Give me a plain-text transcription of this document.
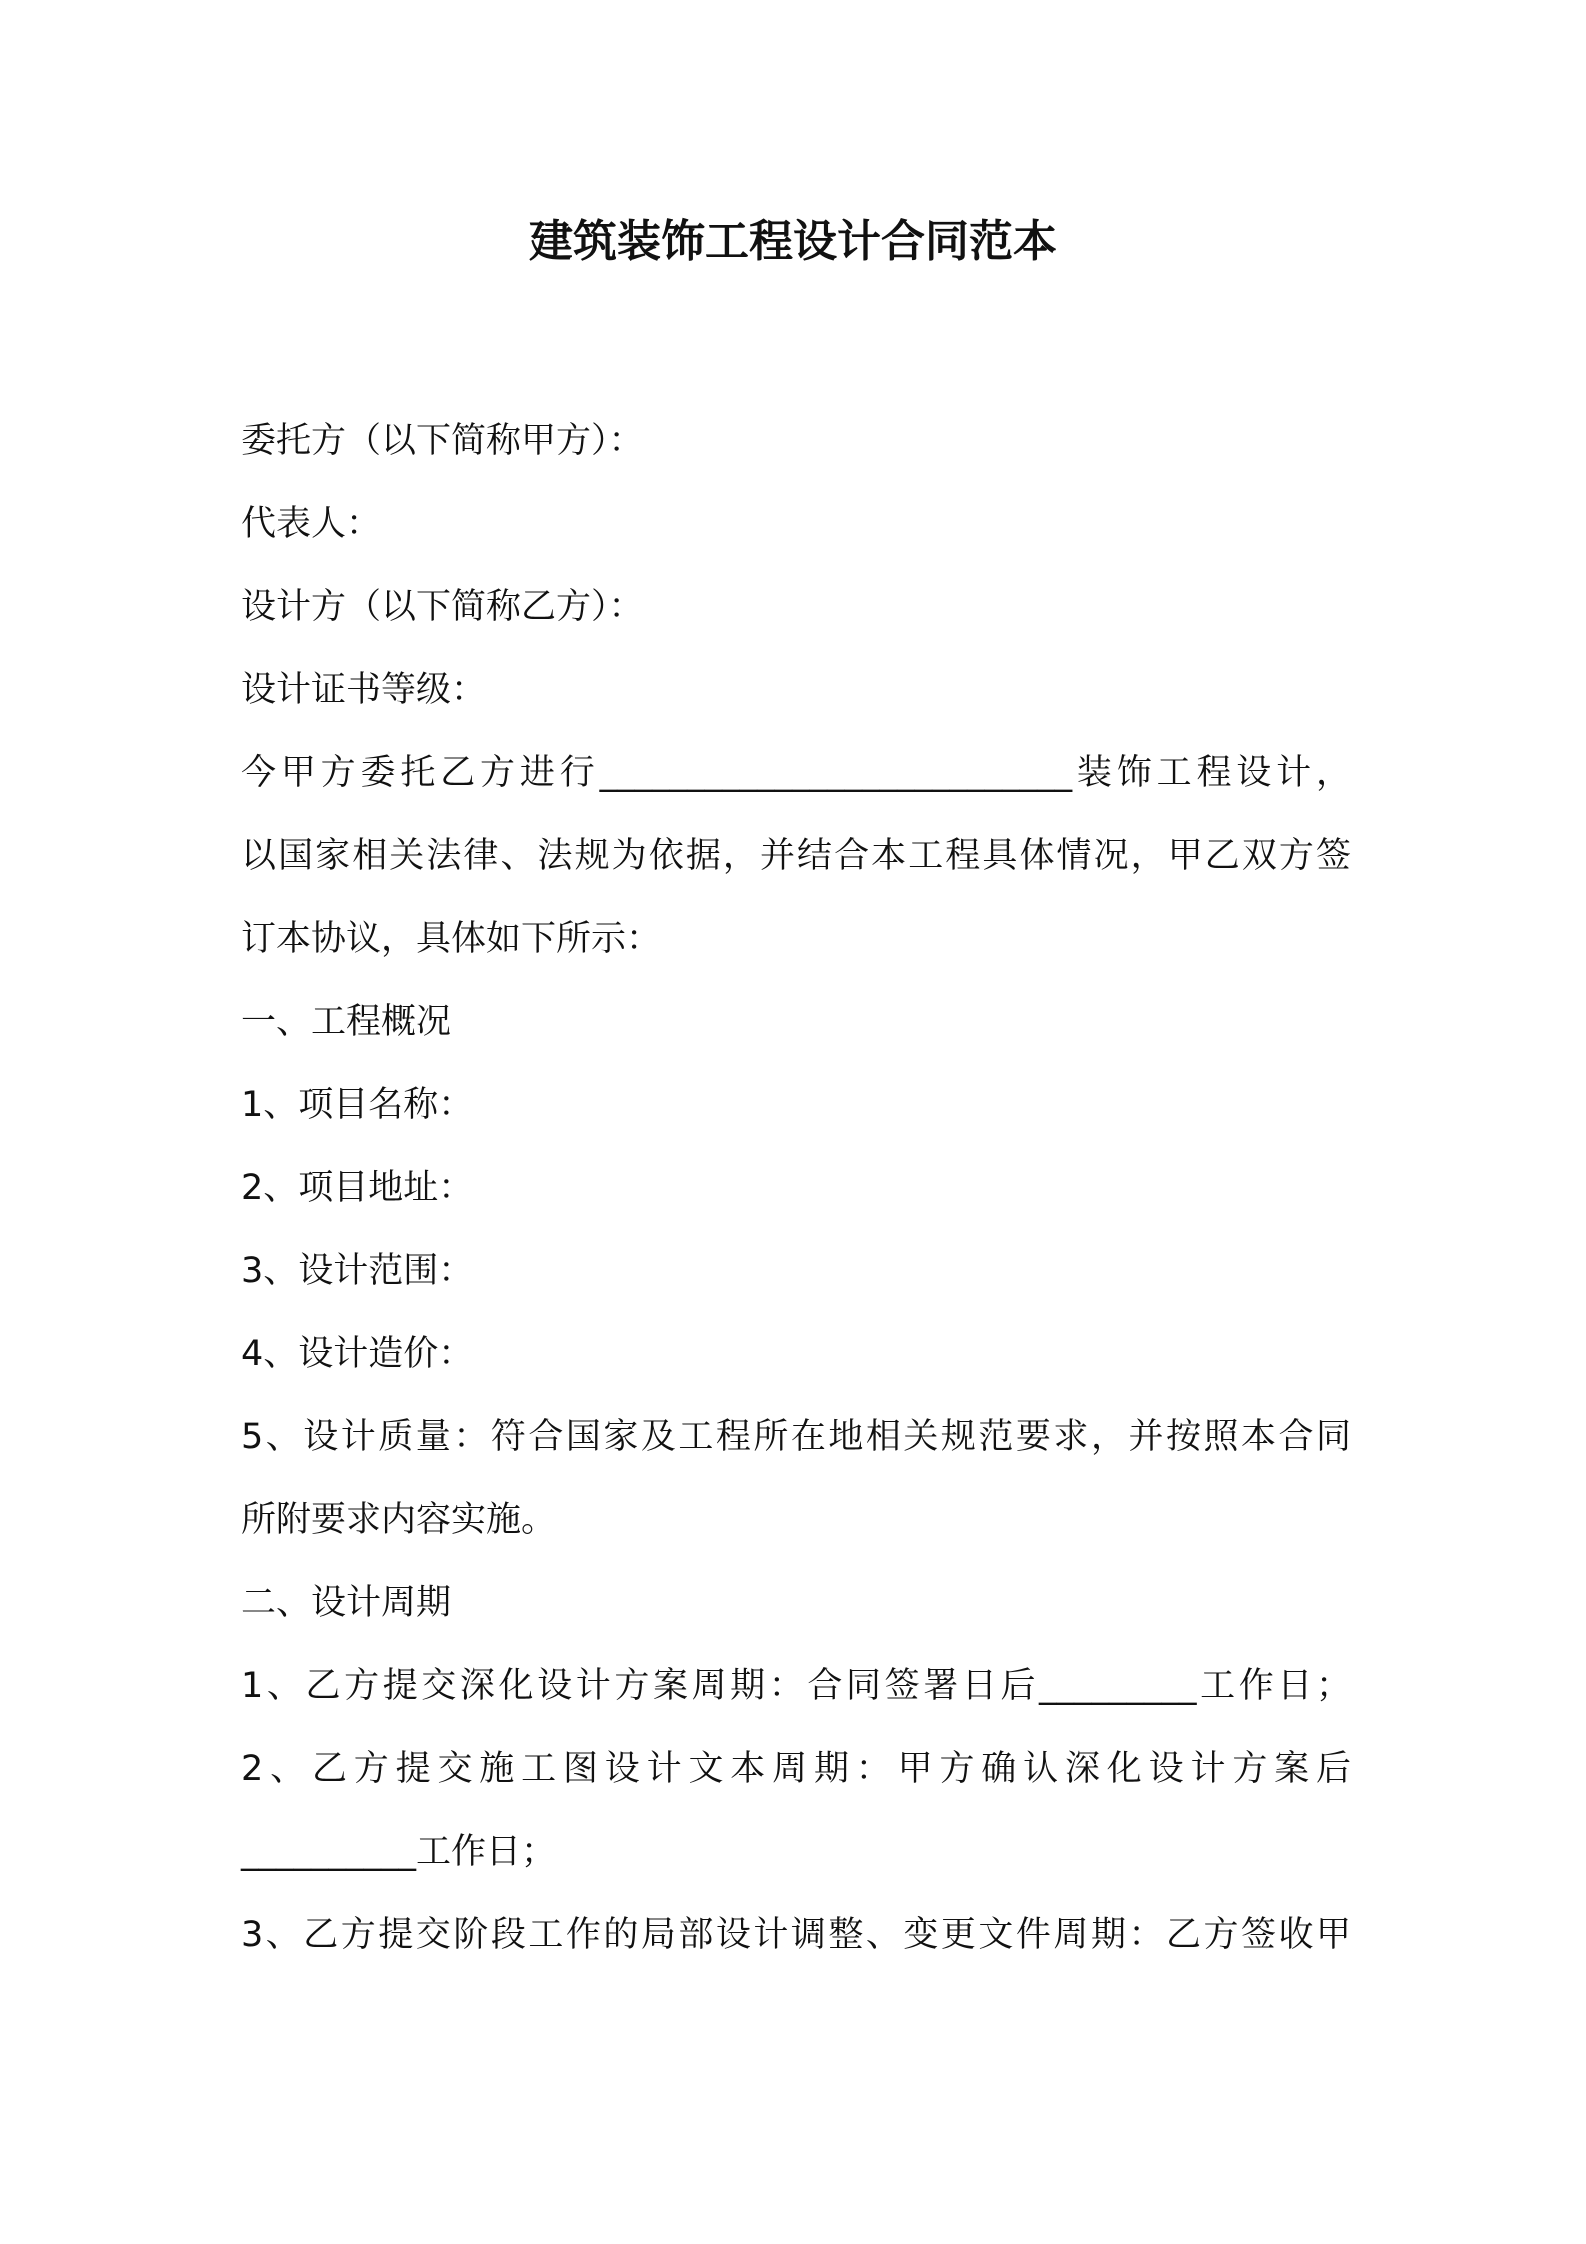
建筑装饰工程设计合同范本

委托方（以下简称甲方）：

代表人：

设计方（以下简称乙方）：

设计证书等级：

今甲方委托乙方进行___________________________装饰工程设计，

以国家相关法律、法规为依据，并结合本工程具体情况，甲乙双方签

订本协议，具体如下所示：

一、工程概况

1、项目名称：

2、项目地址：

3、设计范围：

4、设计造价：

5、设计质量：符合国家及工程所在地相关规范要求，并按照本合同

所附要求内容实施。

二、设计周期

1、乙方提交深化设计方案周期：合同签署日后_________工作日；

2、乙方提交施工图设计文本周期：甲方确认深化设计方案后

__________工作日；

3、乙方提交阶段工作的局部设计调整、变更文件周期：乙方签收甲
